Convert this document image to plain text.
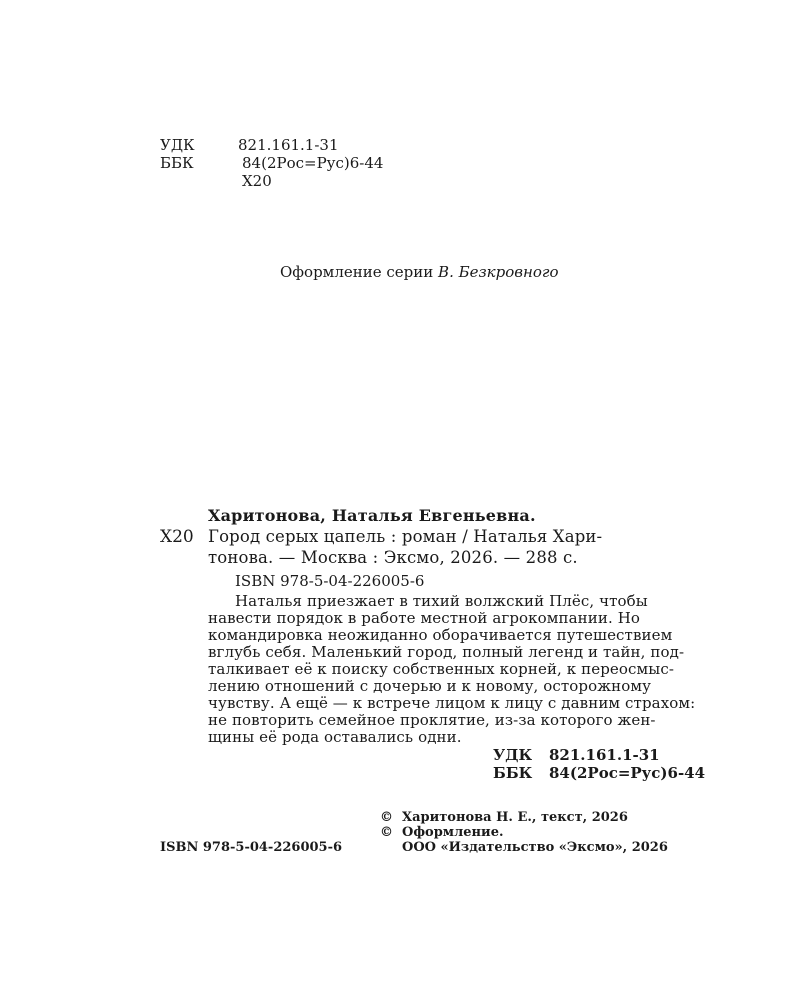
УДК	821.161.1-31
ББК	84(2Рос=Рус)6-44
Х20
Оформление серии В. Безкровного
Харитонова, Наталья Евгеньевна.
Х20 Город серых цапель : роман / Наталья Хари-
тонова. — Москва : Эксмо, 2026. — 288 с.
ISBN 978-5-04-226005-6
Наталья приезжает в тихий волжский Плёс, чтобы
навести порядок в работе местной агрокомпании. Но
командировка неожиданно оборачивается путешествием
вглубь себя. Маленький город, полный легенд и тайн, под-
талкивает её к поиску собственных корней, к переосмыс-
лению отношений с дочерью и к новому, осторожному
чувству. А ещё — к встрече лицом к лицу с давним страхом:
не повторить семейное проклятие, из-за которого жен-
щины её рода оставались одни.
УДК 821.161.1-31
ББК 84(2Рос=Рус)6-44
ISBN 978-5-04-226005-6
© Харитонова Н. Е., текст, 2026
© Оформление.
ООО «Издательство «Эксмо», 2026
